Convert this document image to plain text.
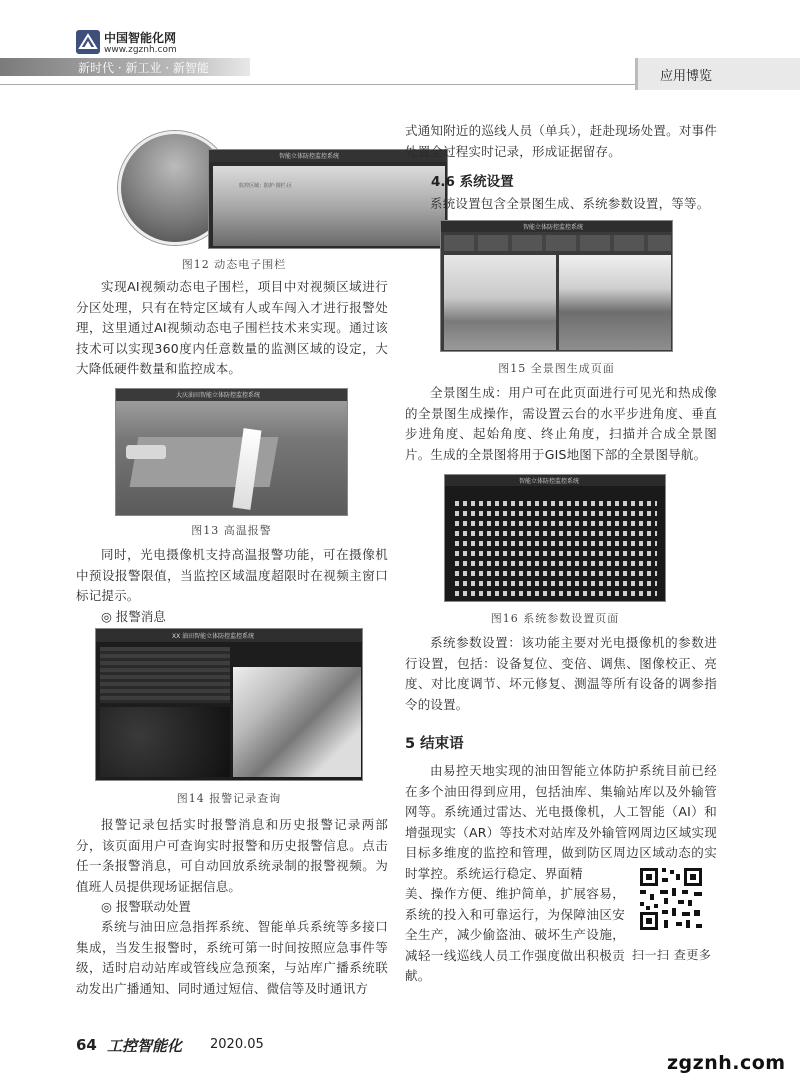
中国智能化网
www.zgznh.com
新时代 · 新工业 · 新智能
应用博览
智能立体防控监控系统
监控区域：防护·围栏·区
图12 动态电子围栏

实现AI视频动态电子围栏，项目中对视频区域进行分区处理，只有在特定区域有人或车闯入才进行报警处理，这里通过AI视频动态电子围栏技术来实现。通过该技术可以实现360度内任意数量的监测区域的设定，大大降低硬件数量和监控成本。

大庆油田智能立体防控监控系统
图13 高温报警

同时，光电摄像机支持高温报警功能，可在摄像机中预设报警限值，当监控区域温度超限时在视频主窗口标记提示。

◎ 报警消息
XX 油田智能立体防控监控系统
图14 报警记录查询

报警记录包括实时报警消息和历史报警记录两部分，该页面用户可查询实时报警和历史报警信息。点击任一条报警消息，可自动回放系统录制的报警视频。为值班人员提供现场证据信息。

◎ 报警联动处置

系统与油田应急指挥系统、智能单兵系统等多接口集成，当发生报警时，系统可第一时间按照应急事件等级，适时启动站库或管线应急预案，与站库广播系统联动发出广播通知、同时通过短信、微信等及时通讯方

式通知附近的巡线人员（单兵），赶赴现场处置。对事件处置全过程实时记录，形成证据留存。

4.6 系统设置

系统设置包含全景图生成、系统参数设置，等等。

智能立体防控监控系统
图15 全景图生成页面

全景图生成：用户可在此页面进行可见光和热成像的全景图生成操作，需设置云台的水平步进角度、垂直步进角度、起始角度、终止角度，扫描并合成全景图片。生成的全景图将用于GIS地图下部的全景图导航。

智能立体防控监控系统
图16 系统参数设置页面

系统参数设置：该功能主要对光电摄像机的参数进行设置，包括：设备复位、变倍、调焦、图像校正、亮度、对比度调节、坏元修复、测温等所有设备的调参指令的设置。

5 结束语

由易控天地实现的油田智能立体防护系统目前已经在多个油田得到应用，包括油库、集输站库以及外输管网等。系统通过雷达、光电摄像机，人工智能（AI）和增强现实（AR）等技术对站库及外输管网周边区域实现目标多维度的监控和管理，做到防区周边区域动态的实时掌控。系统运行稳定、界面精

美、操作方便、维护简单，扩展容易，系统的投入和可靠运行，为保障油区安全生产，减少偷盗油、破坏生产设施，减轻一线巡线人员工作强度做出积极贡献。

扫一扫 查更多
64 工控智能化 2020.05
zgznh.com
